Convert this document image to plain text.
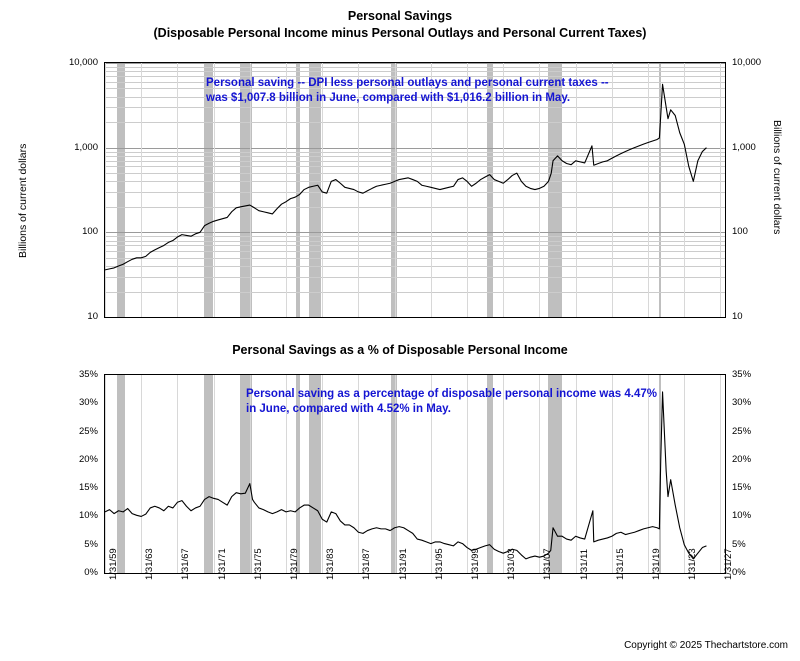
Personal Savings
(Disposable Personal Income minus Personal Outlays and Personal Current Taxes)
Personal Savings as a % of Disposable Personal Income
10	10
100	100
1,000	1,000
10,000	10,000
0%	0%
5%	5%
10%	10%
15%	15%
20%	20%
25%	25%
30%	30%
35%	35%
1/31/59	1/31/63	1/31/67	1/31/71	1/31/75	1/31/79	1/31/83	1/31/87	1/31/91	1/31/95	1/31/99	1/31/03	1/31/07	1/31/11	1/31/15	1/31/19	1/31/23	1/31/27
Billions of current dollars	Billions of current dollars
Personal saving -- DPI less personal outlays and personal current taxes -- was $1,007.8 billion in June, compared with $1,016.2 billion in May.
Personal saving as a percentage of disposable personal income was 4.47% in June, compared with 4.52% in May.
Copyright © 2025 Thechartstore.com
